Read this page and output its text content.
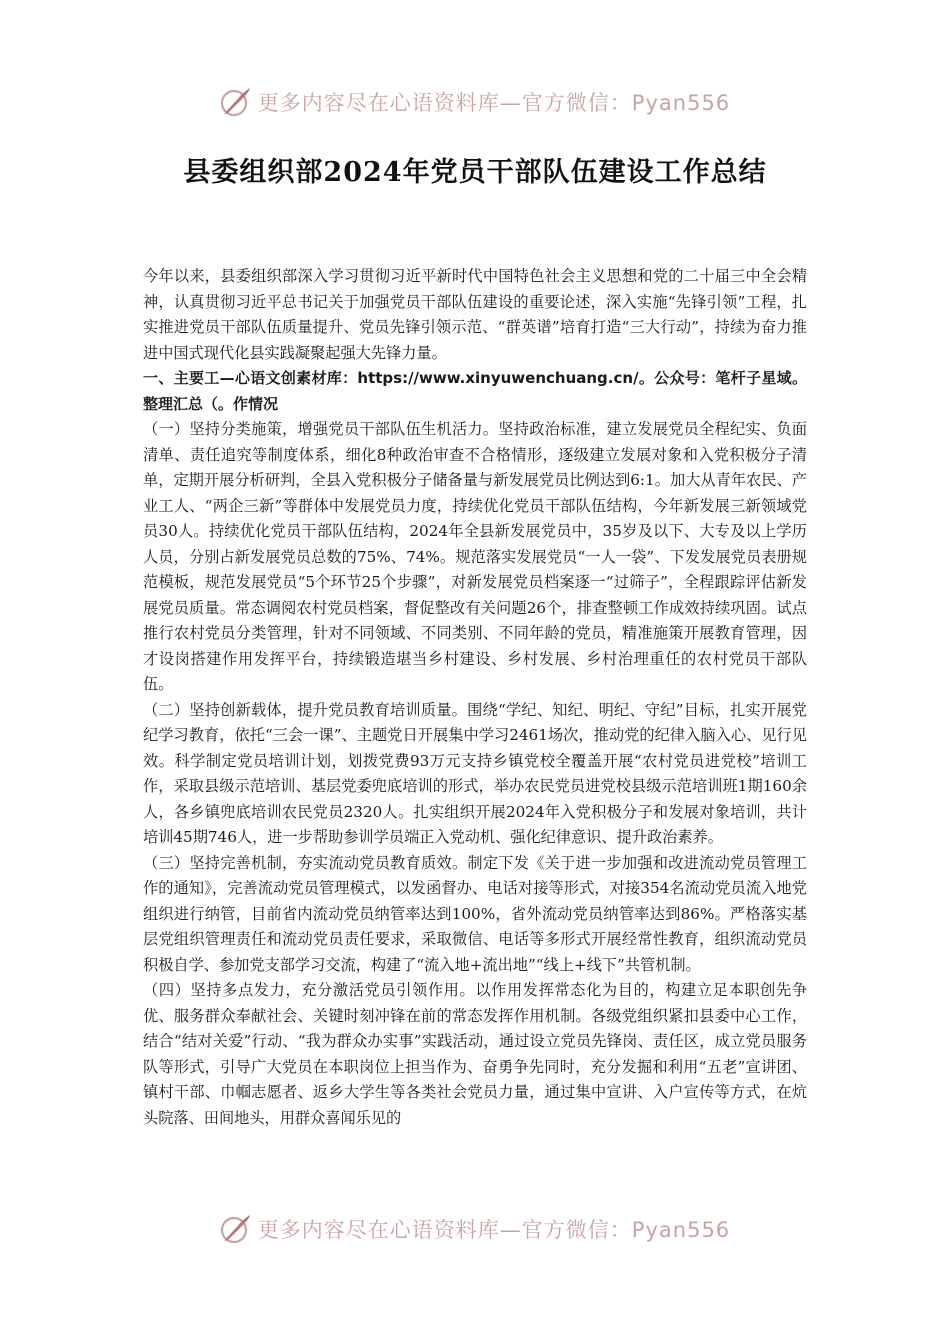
更多内容尽在心语资料库—官方微信：Pyan556
县委组织部2024年党员干部队伍建设工作总结

今年以来，县委组织部深入学习贯彻习近平新时代中国特色社会主义思想和党的二十届三中全会精神，认真贯彻习近平总书记关于加强党员干部队伍建设的重要论述，深入实施“先锋引领”工程，扎实推进党员干部队伍质量提升、党员先锋引领示范、“群英谱”培育打造“三大行动”，持续为奋力推进中国式现代化县实践凝聚起强大先锋力量。

一、主要工—心语文创素材库：https://www.xinyuwenchuang.cn/。公众号：笔杆子星域。整理汇总（。作情况

（一）坚持分类施策，增强党员干部队伍生机活力。坚持政治标准，建立发展党员全程纪实、负面清单、责任追究等制度体系，细化8种政治审查不合格情形，逐级建立发展对象和入党积极分子清单，定期开展分析研判，全县入党积极分子储备量与新发展党员比例达到6:1。加大从青年农民、产业工人、“两企三新”等群体中发展党员力度，持续优化党员干部队伍结构，今年新发展三新领域党员30人。持续优化党员干部队伍结构，2024年全县新发展党员中，35岁及以下、大专及以上学历人员，分别占新发展党员总数的75%、74%。规范落实发展党员“一人一袋”、下发发展党员表册规范模板，规范发展党员“5个环节25个步骤”，对新发展党员档案逐一“过筛子”，全程跟踪评估新发展党员质量。常态调阅农村党员档案，督促整改有关问题26个，排查整顿工作成效持续巩固。试点推行农村党员分类管理，针对不同领域、不同类别、不同年龄的党员，精准施策开展教育管理，因才设岗搭建作用发挥平台，持续锻造堪当乡村建设、乡村发展、乡村治理重任的农村党员干部队伍。

（二）坚持创新载体，提升党员教育培训质量。围绕“学纪、知纪、明纪、守纪”目标，扎实开展党纪学习教育，依托“三会一课”、主题党日开展集中学习2461场次，推动党的纪律入脑入心、见行见效。科学制定党员培训计划，划拨党费93万元支持乡镇党校全覆盖开展“农村党员进党校”培训工作，采取县级示范培训、基层党委兜底培训的形式，举办农民党员进党校县级示范培训班1期160余人，各乡镇兜底培训农民党员2320人。扎实组织开展2024年入党积极分子和发展对象培训，共计培训45期746人，进一步帮助参训学员端正入党动机、强化纪律意识、提升政治素养。

（三）坚持完善机制，夯实流动党员教育质效。制定下发《关于进一步加强和改进流动党员管理工作的通知》，完善流动党员管理模式，以发函督办、电话对接等形式，对接354名流动党员流入地党组织进行纳管，目前省内流动党员纳管率达到100%，省外流动党员纳管率达到86%。严格落实基层党组织管理责任和流动党员责任要求，采取微信、电话等多形式开展经常性教育，组织流动党员积极自学、参加党支部学习交流，构建了“流入地+流出地”“线上+线下”共管机制。

（四）坚持多点发力，充分激活党员引领作用。以作用发挥常态化为目的，构建立足本职创先争优、服务群众奉献社会、关键时刻冲锋在前的常态发挥作用机制。各级党组织紧扣县委中心工作，结合“结对关爱”行动、“我为群众办实事”实践活动，通过设立党员先锋岗、责任区，成立党员服务队等形式，引导广大党员在本职岗位上担当作为、奋勇争先同时，充分发掘和利用“五老”宣讲团、镇村干部、巾帼志愿者、返乡大学生等各类社会党员力量，通过集中宣讲、入户宣传等方式，在炕头院落、田间地头，用群众喜闻乐见的

更多内容尽在心语资料库—官方微信：Pyan556
